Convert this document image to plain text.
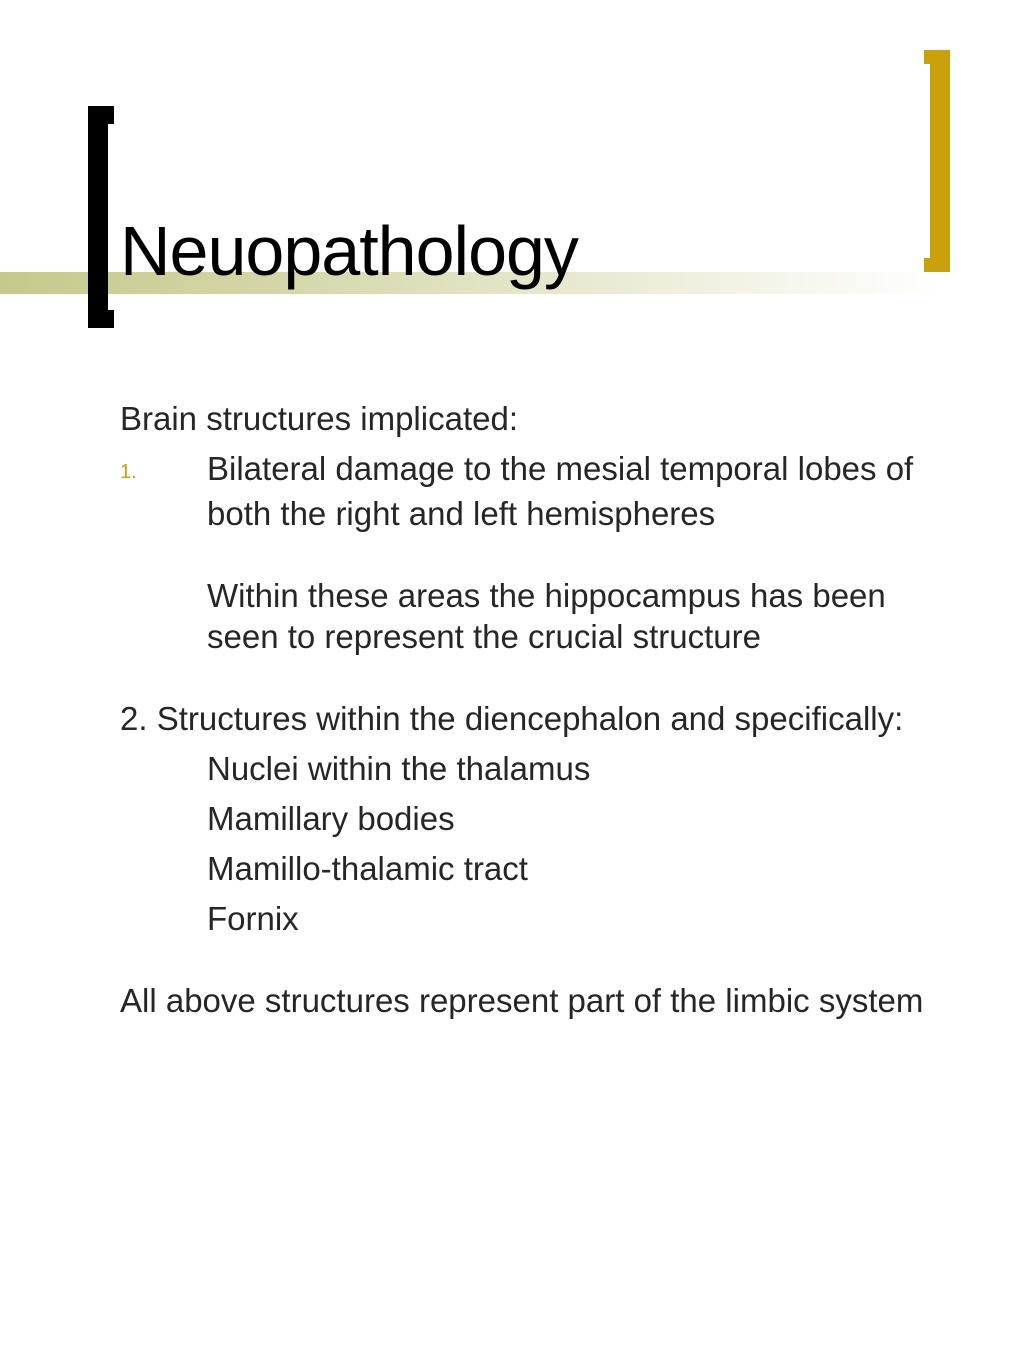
Neuopathology

Brain structures implicated:

1. Bilateral damage to the mesial temporal lobes of both the right and left hemispheres

Within these areas the hippocampus has been seen to represent the crucial structure

2. Structures within the diencephalon and specifically:

Nuclei within the thalamus

Mamillary bodies

Mamillo-thalamic tract

Fornix

All above structures represent part of the limbic system
